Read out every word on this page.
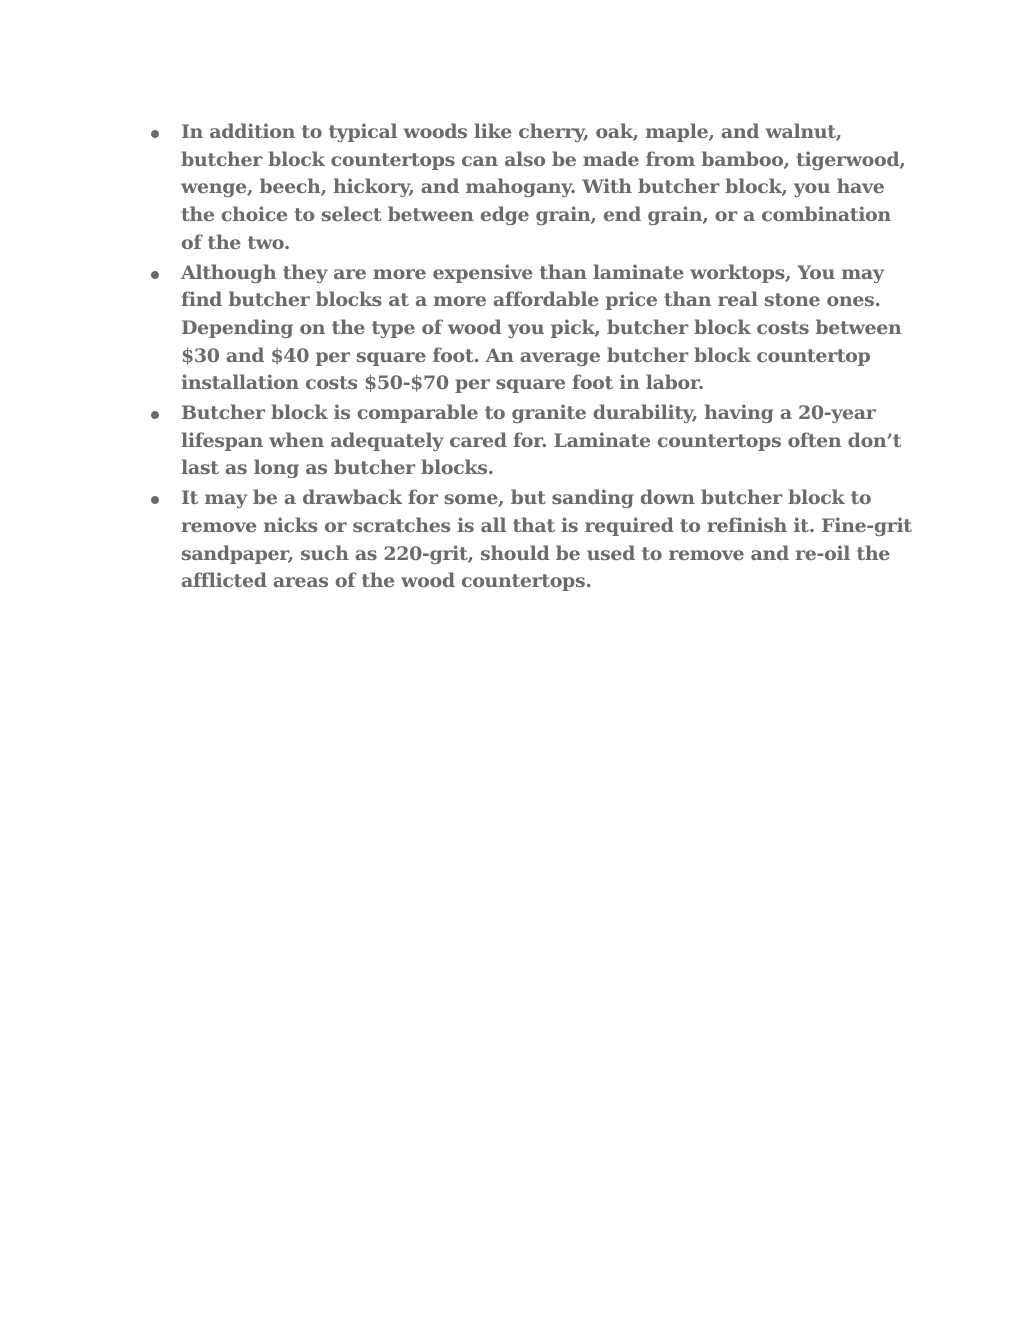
In addition to typical woods like cherry, oak, maple, and walnut, butcher block countertops can also be made from bamboo, tigerwood, wenge, beech, hickory, and mahogany. With butcher block, you have the choice to select between edge grain, end grain, or a combination of the two.
Although they are more expensive than laminate worktops, You may find butcher blocks at a more affordable price than real stone ones. Depending on the type of wood you pick, butcher block costs between $30 and $40 per square foot. An average butcher block countertop installation costs $50-$70 per square foot in labor.
Butcher block is comparable to granite durability, having a 20-year lifespan when adequately cared for. Laminate countertops often don’t last as long as butcher blocks.
It may be a drawback for some, but sanding down butcher block to remove nicks or scratches is all that is required to refinish it. Fine-grit sandpaper, such as 220-grit, should be used to remove and re-oil the afflicted areas of the wood countertops.
